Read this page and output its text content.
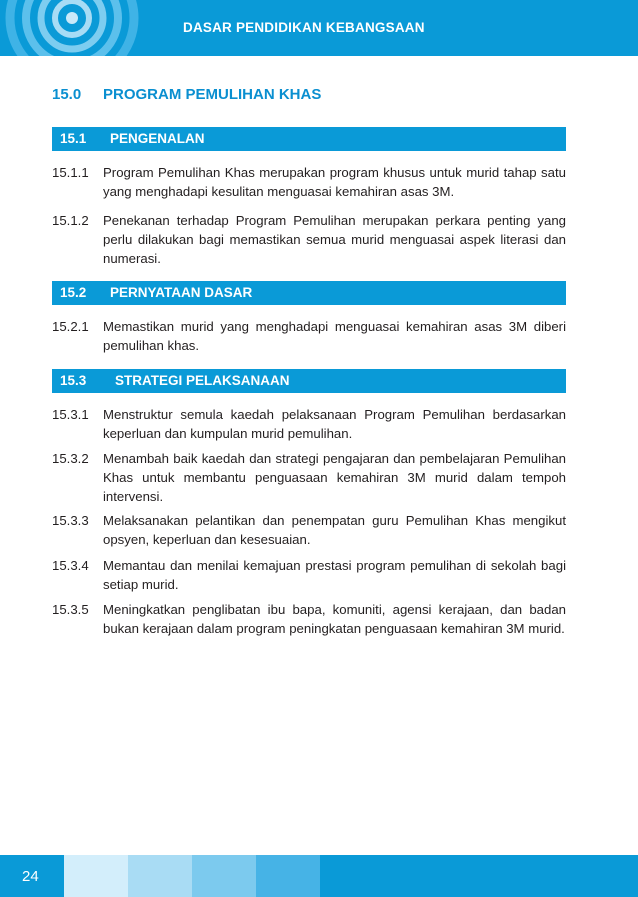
DASAR PENDIDIKAN KEBANGSAAN
15.0 PROGRAM PEMULIHAN KHAS
15.1 PENGENALAN
15.1.1	Program Pemulihan Khas merupakan program khusus untuk murid tahap satu yang menghadapi kesulitan menguasai kemahiran asas 3M.
15.1.2	Penekanan terhadap Program Pemulihan merupakan perkara penting yang perlu dilakukan bagi memastikan semua murid menguasai aspek literasi dan numerasi.
15.2 PERNYATAAN DASAR
15.2.1	Memastikan murid yang menghadapi menguasai kemahiran asas 3M diberi pemulihan khas.
15.3 STRATEGI PELAKSANAAN
15.3.1	Menstruktur semula kaedah pelaksanaan Program Pemulihan berdasarkan keperluan dan kumpulan murid pemulihan.
15.3.2	Menambah baik kaedah dan strategi pengajaran dan pembelajaran Pemulihan Khas untuk membantu penguasaan kemahiran 3M murid dalam tempoh intervensi.
15.3.3	Melaksanakan pelantikan dan penempatan guru Pemulihan Khas mengikut opsyen, keperluan dan kesesuaian.
15.3.4	Memantau dan menilai kemajuan prestasi program pemulihan di sekolah bagi setiap murid.
15.3.5	Meningkatkan penglibatan ibu bapa, komuniti, agensi kerajaan, dan badan bukan kerajaan dalam program peningkatan penguasaan kemahiran 3M murid.
24
